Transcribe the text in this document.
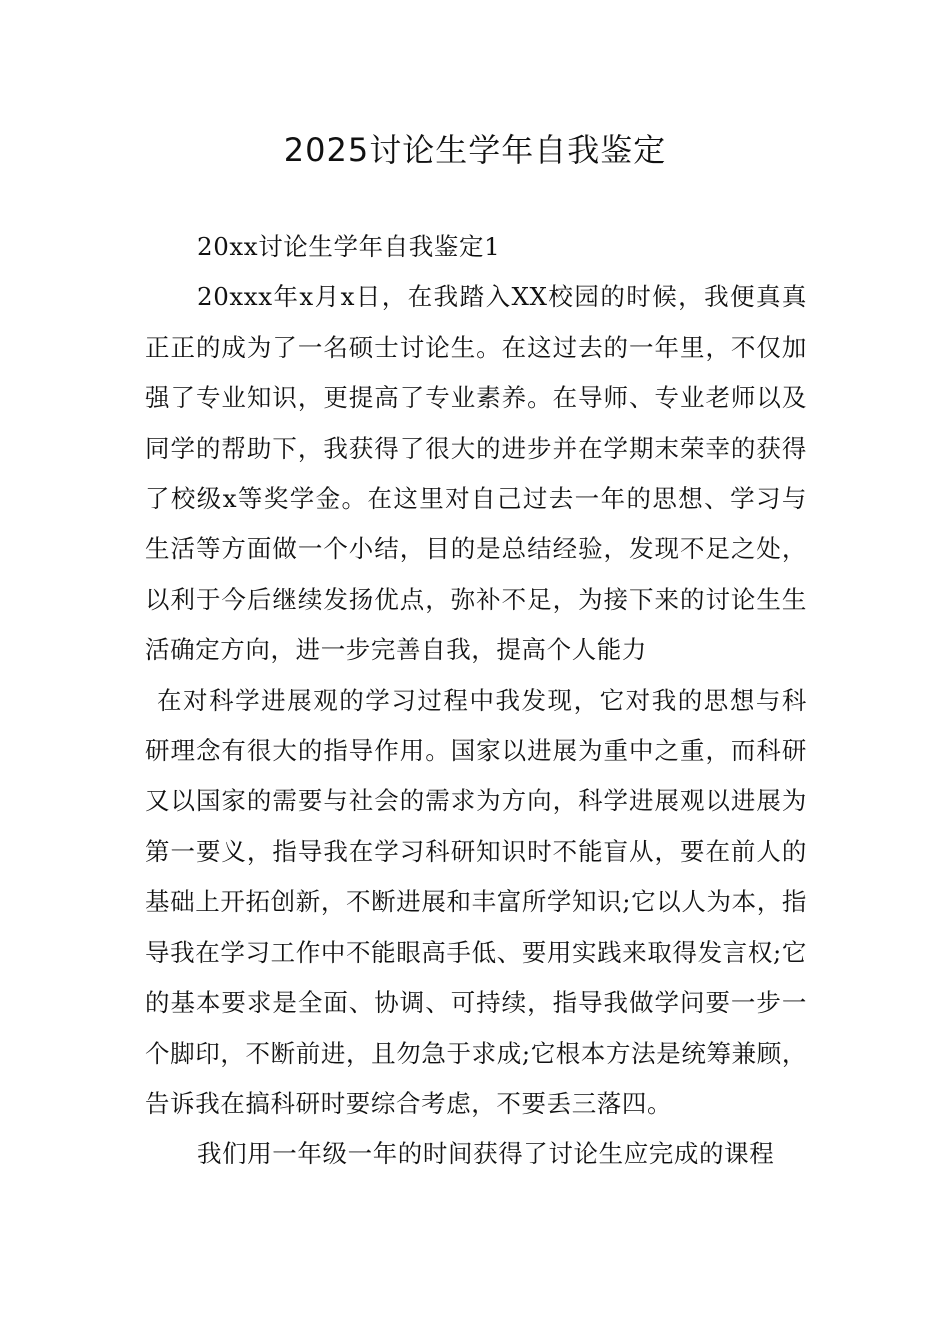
2025讨论生学年自我鉴定

20xx讨论生学年自我鉴定1

20xxx年x月x日，在我踏入XX校园的时候，我便真真正正的成为了一名硕士讨论生。在这过去的一年里，不仅加强了专业知识，更提高了专业素养。在导师、专业老师以及同学的帮助下，我获得了很大的进步并在学期末荣幸的获得了校级x等奖学金。在这里对自己过去一年的思想、学习与生活等方面做一个小结，目的是总结经验，发现不足之处，以利于今后继续发扬优点，弥补不足，为接下来的讨论生生活确定方向，进一步完善自我，提高个人能力

在对科学进展观的学习过程中我发现，它对我的思想与科研理念有很大的指导作用。国家以进展为重中之重，而科研又以国家的需要与社会的需求为方向，科学进展观以进展为第一要义，指导我在学习科研知识时不能盲从，要在前人的基础上开拓创新，不断进展和丰富所学知识;它以人为本，指导我在学习工作中不能眼高手低、要用实践来取得发言权;它的基本要求是全面、协调、可持续，指导我做学问要一步一个脚印，不断前进，且勿急于求成;它根本方法是统筹兼顾，告诉我在搞科研时要综合考虑，不要丢三落四。

我们用一年级一年的时间获得了讨论生应完成的课程
